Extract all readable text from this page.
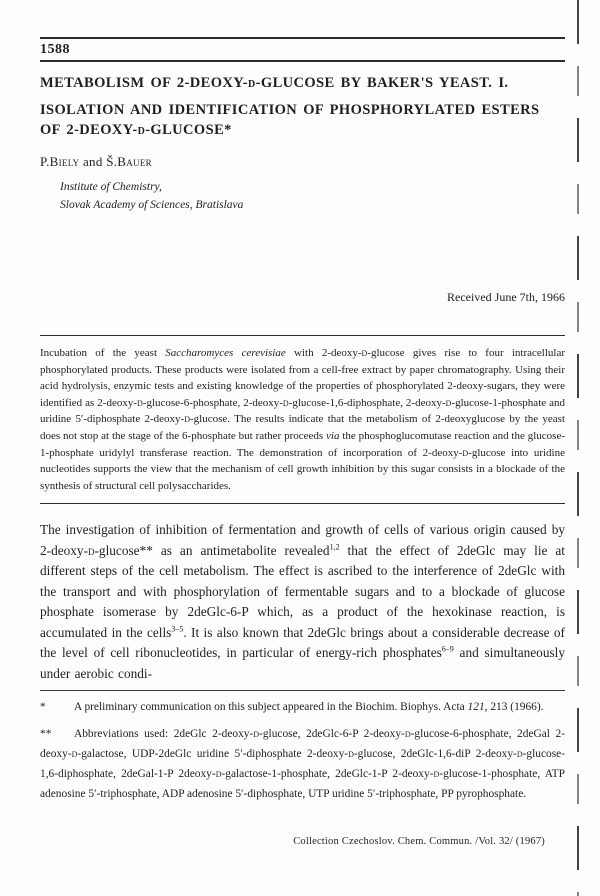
1588
METABOLISM OF 2-DEOXY-d-GLUCOSE BY BAKER'S YEAST. I.
ISOLATION AND IDENTIFICATION OF PHOSPHORYLATED ESTERS
OF 2-DEOXY-d-GLUCOSE*
P.Biely and Š.Bauer
Institute of Chemistry,
Slovak Academy of Sciences, Bratislava
Received June 7th, 1966

Incubation of the yeast Saccharomyces cerevisiae with 2-deoxy-d-glucose gives rise to four intracellular phosphorylated products. These products were isolated from a cell-free extract by paper chromatography. Using their acid hydrolysis, enzymic tests and existing knowledge of the properties of phosphorylated 2-deoxy-sugars, they were identified as 2-deoxy-d-glucose-6-phosphate, 2-deoxy-d-glucose-1,6-diphosphate, 2-deoxy-d-glucose-1-phosphate and uridine 5′-diphosphate 2-deoxy-d-glucose. The results indicate that the metabolism of 2-deoxyglucose by the yeast does not stop at the stage of the 6-phosphate but rather proceeds via the phosphoglucomutase reaction and the glucose-1-phosphate uridylyl transferase reaction. The demonstration of incorporation of 2-deoxy-d-glucose into uridine nucleotides supports the view that the mechanism of cell growth inhibition by this sugar consists in a blockade of the synthesis of structural cell polysaccharides.

The investigation of inhibition of fermentation and growth of cells of various origin caused by 2-deoxy-d-glucose** as an antimetabolite revealed$^{1,2}$ that the effect of 2deGlc may lie at different steps of the cell metabolism. The effect is ascribed to the interference of 2deGlc with the transport and with phosphorylation of fermentable sugars and to a blockade of glucose phosphate isomerase by 2deGlc-6-P which, as a product of the hexokinase reaction, is accumulated in the cells$^{3-5}$. It is also known that 2deGlc brings about a considerable decrease of the level of cell ribonucleotides, in particular of energy-rich phosphates$^{6-9}$ and simultaneously under aerobic condi-

* A preliminary communication on this subject appeared in the Biochim. Biophys. Acta 121, 213 (1966).

** Abbreviations used: 2deGlc 2-deoxy-d-glucose, 2deGlc-6-P 2-deoxy-d-glucose-6-phosphate, 2deGal 2-deoxy-d-galactose, UDP-2deGlc uridine 5′-diphosphate 2-deoxy-d-glucose, 2deGlc-1,6-diP 2-deoxy-d-glucose-1,6-diphosphate, 2deGal-1-P 2deoxy-d-galactose-1-phosphate, 2deGlc-1-P 2-deoxy-d-glucose-1-phosphate, ATP adenosine 5′-triphosphate, ADP adenosine 5′-diphosphate, UTP uridine 5′-triphosphate, PP pyrophosphate.

Collection Czechoslov. Chem. Commun. /Vol. 32/ (1967)
